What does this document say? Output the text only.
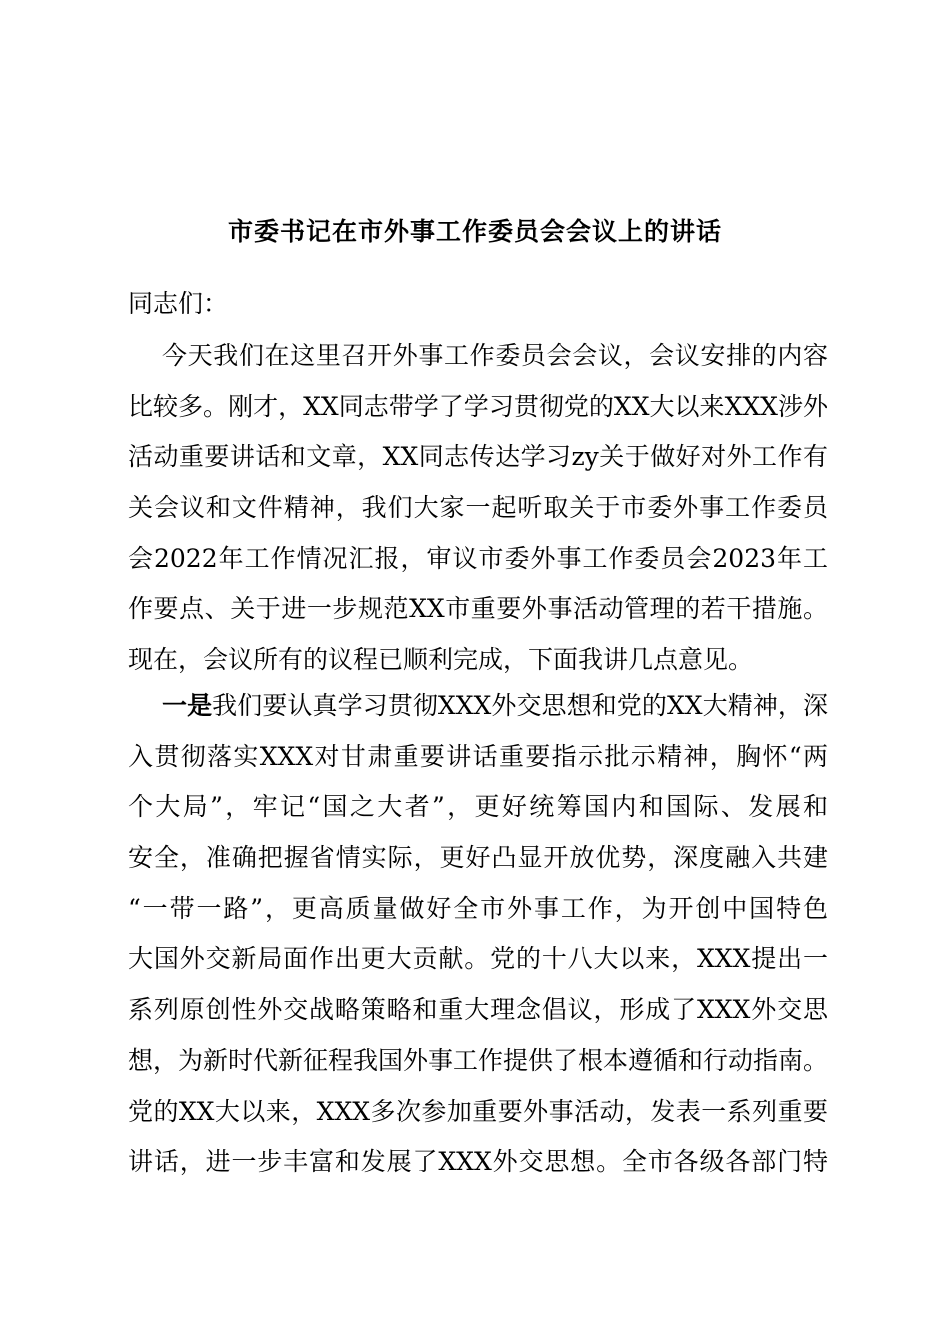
市委书记在市外事工作委员会会议上的讲话
同志们：
今天我们在这里召开外事工作委员会会议，会议安排的内容
比较多。刚才，XX同志带学了学习贯彻党的XX大以来XXX涉外
活动重要讲话和文章，XX同志传达学习zy关于做好对外工作有
关会议和文件精神，我们大家一起听取关于市委外事工作委员
会2022年工作情况汇报，审议市委外事工作委员会2023年工
作要点、关于进一步规范XX市重要外事活动管理的若干措施。
现在，会议所有的议程已顺利完成，下面我讲几点意见。
一是我们要认真学习贯彻XXX外交思想和党的XX大精神，深
入贯彻落实XXX对甘肃重要讲话重要指示批示精神，胸怀“两
个大局”，牢记“国之大者”，更好统筹国内和国际、发展和
安全，准确把握省情实际，更好凸显开放优势，深度融入共建
“一带一路”，更高质量做好全市外事工作，为开创中国特色
大国外交新局面作出更大贡献。党的十八大以来，XXX提出一
系列原创性外交战略策略和重大理念倡议，形成了XXX外交思
想，为新时代新征程我国外事工作提供了根本遵循和行动指南。
党的XX大以来，XXX多次参加重要外事活动，发表一系列重要
讲话，进一步丰富和发展了XXX外交思想。全市各级各部门特
